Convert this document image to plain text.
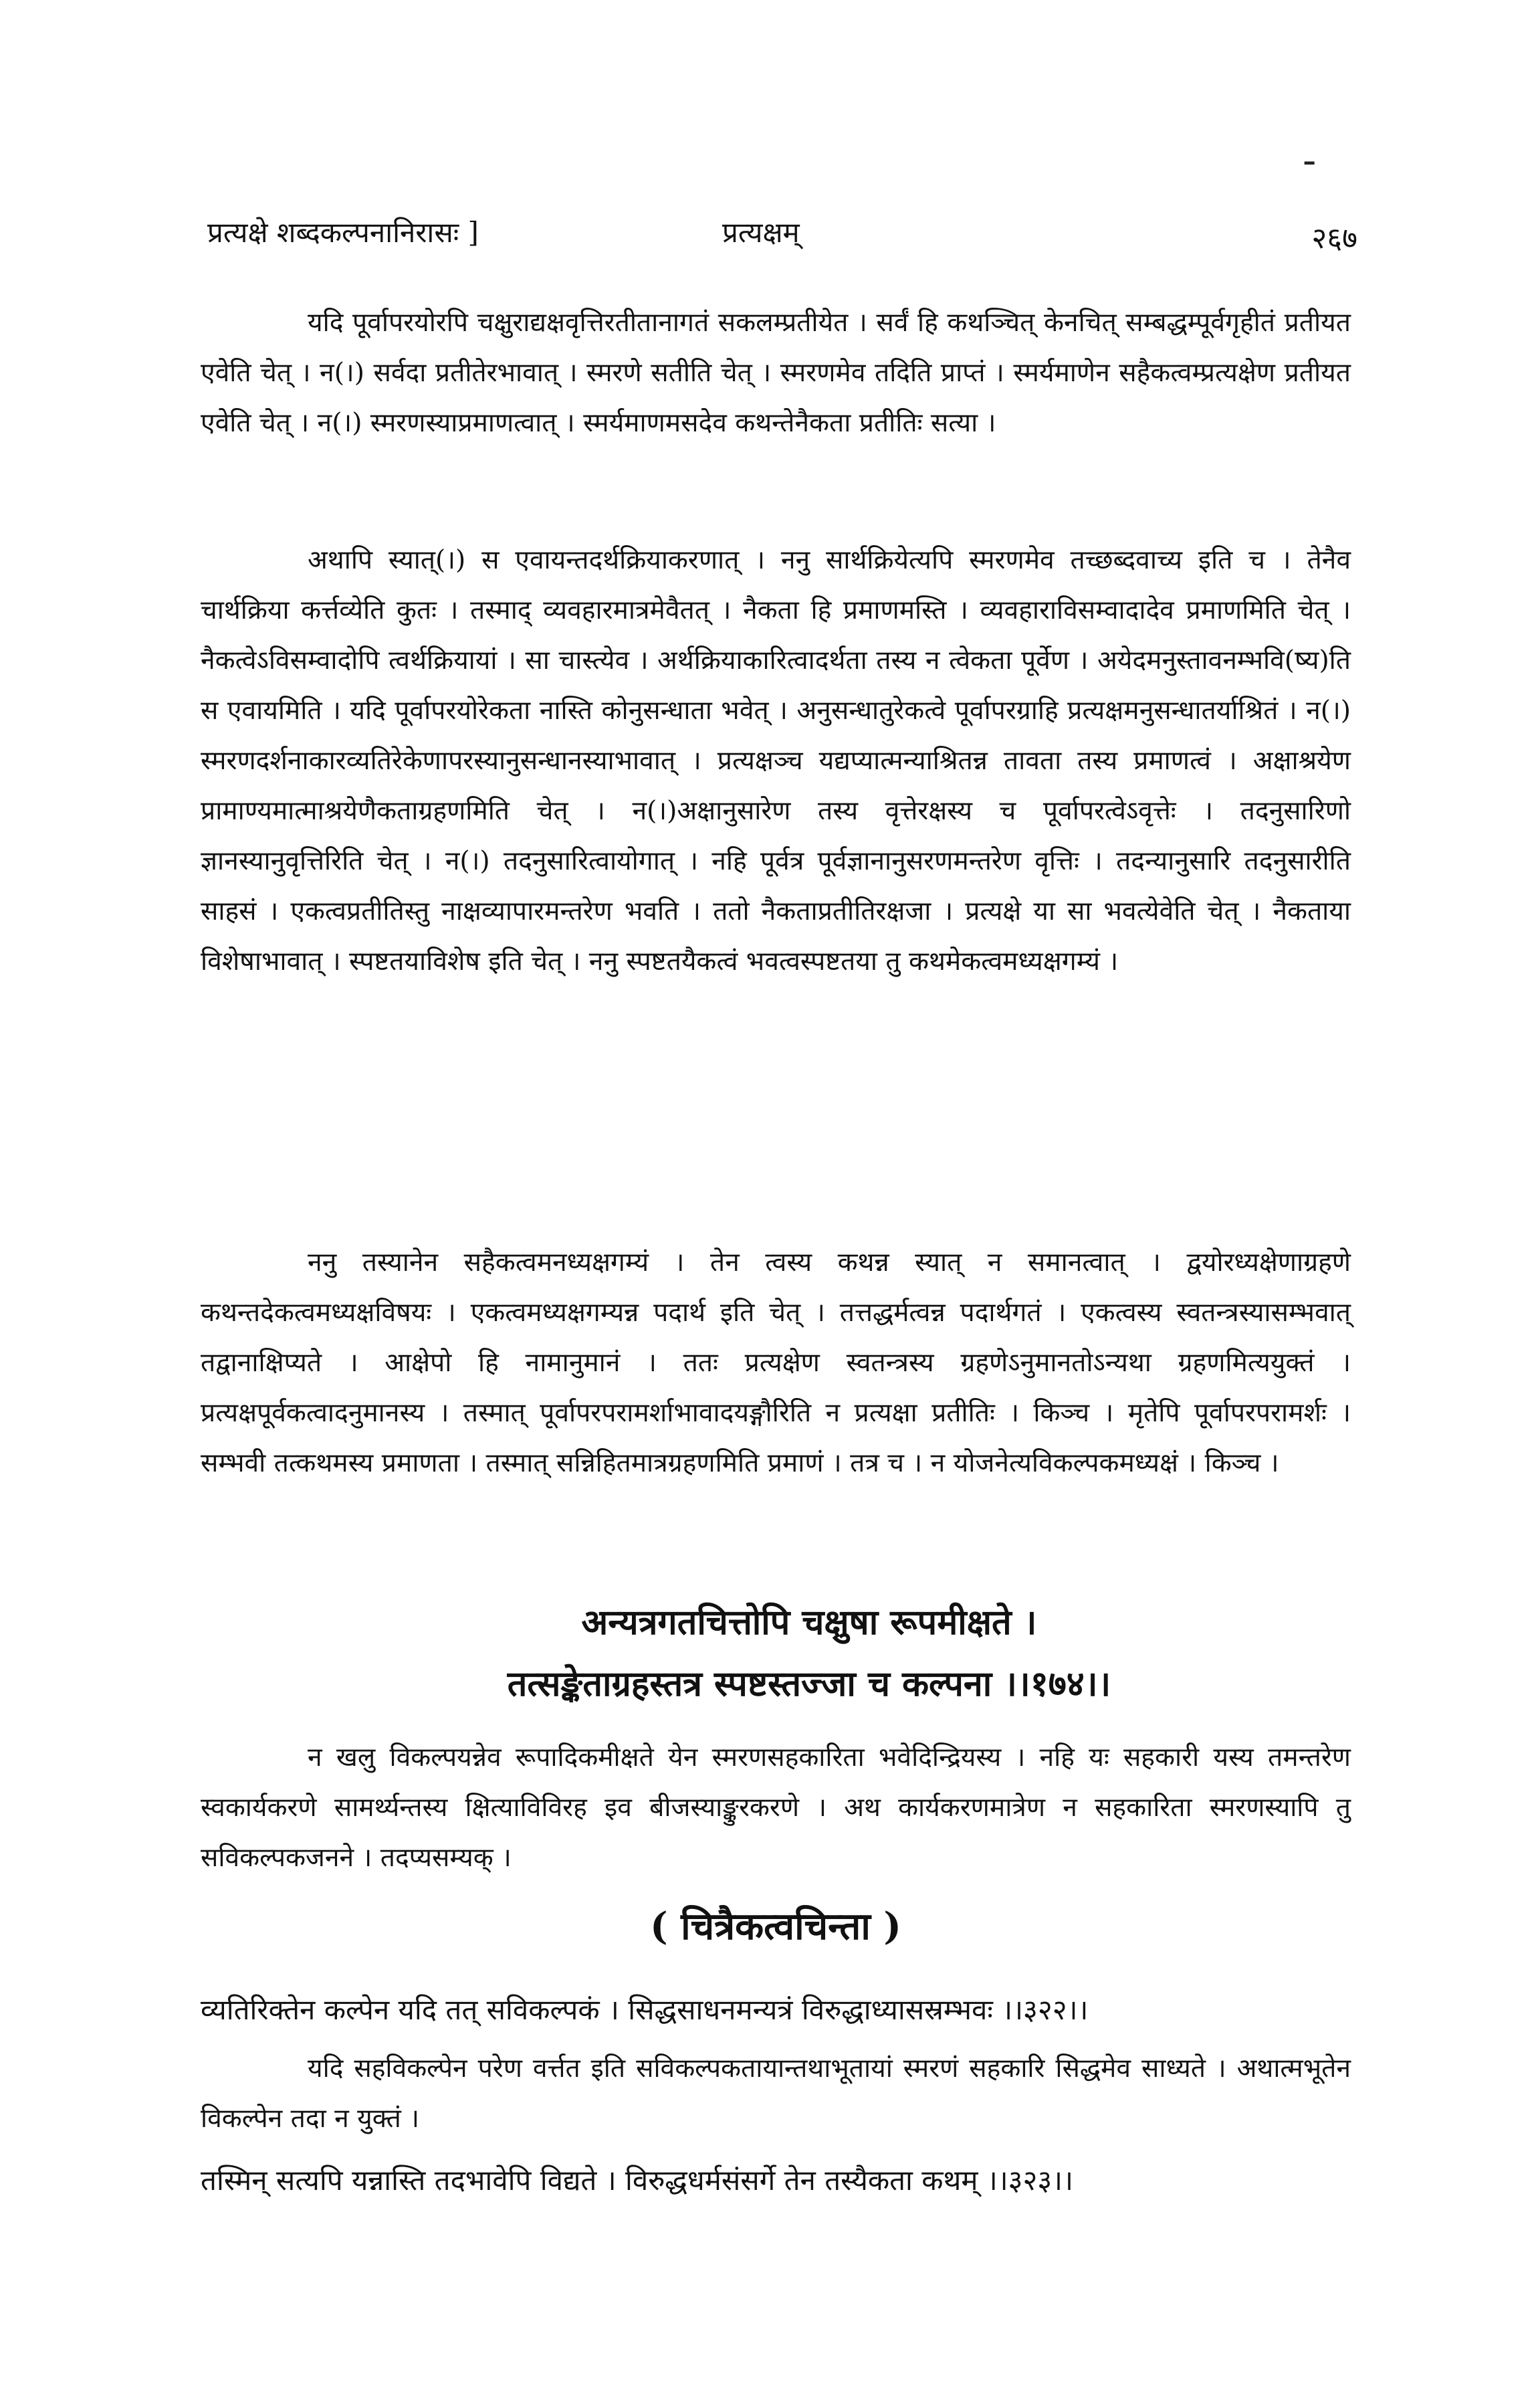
-
प्रत्यक्षे शब्दकल्पनानिरासः ]	प्रत्यक्षम्	२६७

यदि पूर्वापरयोरपि चक्षुराद्यक्षवृत्तिरतीतानागतं सकलम्प्रतीयेत । सर्वं हि कथञ्चित् केनचित् सम्बद्धम्पूर्वगृहीतं प्रतीयत एवेति चेत् । न(।) सर्वदा प्रतीतेरभावात् । स्मरणे सतीति चेत् । स्मरणमेव तदिति प्राप्तं । स्मर्यमाणेन सहैकत्वम्प्रत्यक्षेण प्रतीयत एवेति चेत् । न(।) स्मरणस्याप्रमाणत्वात् । स्मर्यमाणमसदेव कथन्तेनैकता प्रतीतिः सत्या ।

अथापि स्यात्(।) स एवायन्तदर्थक्रियाकरणात् । ननु सार्थक्रियेत्यपि स्मरणमेव तच्छब्दवाच्य इति च । तेनैव चार्थक्रिया कर्त्तव्येति कुतः । तस्माद् व्यवहारमात्रमेवैतत् । नैकता हि प्रमाणमस्ति । व्यवहाराविसम्वादादेव प्रमाणमिति चेत् । नैकत्वेऽविसम्वादोपि त्वर्थक्रियायां । सा चास्त्येव । अर्थक्रियाकारित्वादर्थता तस्य न त्वेकता पूर्वेण । अयेदमनुस्तावनम्भवि(ष्य)ति स एवायमिति । यदि पूर्वापरयोरेकता नास्ति कोनुसन्धाता भवेत् । अनुसन्धातुरेकत्वे पूर्वापरग्राहि प्रत्यक्षमनुसन्धातर्याश्रितं । न(।) स्मरणदर्शनाकारव्यतिरेकेणापरस्यानुसन्धानस्याभावात् । प्रत्यक्षञ्च यद्यप्यात्मन्याश्रितन्न तावता तस्य प्रमाणत्वं । अक्षाश्रयेण प्रामाण्यमात्माश्रयेणैकताग्रहणमिति चेत् । न(।)अक्षानुसारेण तस्य वृत्तेरक्षस्य च पूर्वापरत्वेऽवृत्तेः । तदनुसारिणो ज्ञानस्यानुवृत्तिरिति चेत् । न(।) तदनुसारित्वायोगात् । नहि पूर्वत्र पूर्वज्ञानानुसरणमन्तरेण वृत्तिः । तदन्यानुसारि तदनुसारीति साहसं । एकत्वप्रतीतिस्तु नाक्षव्यापारमन्तरेण भवति । ततो नैकताप्रतीतिरक्षजा । प्रत्यक्षे या सा भवत्येवेति चेत् । नैकताया विशेषाभावात् । स्पष्टतयाविशेष इति चेत् । ननु स्पष्टतयैकत्वं भवत्वस्पष्टतया तु कथमेकत्वमध्यक्षगम्यं ।

ननु तस्यानेन सहैकत्वमनध्यक्षगम्यं । तेन त्वस्य कथन्न स्यात् न समानत्वात् । द्वयोरध्यक्षेणाग्रहणे कथन्तदेकत्वमध्यक्षविषयः । एकत्वमध्यक्षगम्यन्न पदार्थ इति चेत् । तत्तद्धर्मत्वन्न पदार्थगतं । एकत्वस्य स्वतन्त्रस्यासम्भवात् तद्वानाक्षिप्यते । आक्षेपो हि नामानुमानं । ततः प्रत्यक्षेण स्वतन्त्रस्य ग्रहणेऽनुमानतोऽन्यथा ग्रहणमित्ययुक्तं । प्रत्यक्षपूर्वकत्वादनुमानस्य । तस्मात् पूर्वापरपरामर्शाभावादयङ्गौरिति न प्रत्यक्षा प्रतीतिः । किञ्च । मृतेपि पूर्वापरपरामर्शः । सम्भवी तत्कथमस्य प्रमाणता । तस्मात् सन्निहितमात्रग्रहणमिति प्रमाणं । तत्र च । न योजनेत्यविकल्पकमध्यक्षं । किञ्च ।

अन्यत्रगतचित्तोपि चक्षुषा रूपमीक्षते ।
तत्सङ्केताग्रहस्तत्र स्पष्टस्तज्जा च कल्पना ।।१७४।।

न खलु विकल्पयन्नेव रूपादिकमीक्षते येन स्मरणसहकारिता भवेदिन्द्रियस्य । नहि यः सहकारी यस्य तमन्तरेण स्वकार्यकरणे सामर्थ्यन्तस्य क्षित्याविविरह इव बीजस्याङ्कुरकरणे । अथ कार्यकरणमात्रेण न सहकारिता स्मरणस्यापि तु सविकल्पकजनने । तदप्यसम्यक् ।

( चित्रैकत्वचिन्ता )
व्यतिरिक्तेन कल्पेन यदि तत् सविकल्पकं । सिद्धसाधनमन्यत्रं विरुद्धाध्यासस्रम्भवः ।।३२२।।

यदि सहविकल्पेन परेण वर्त्तत इति सविकल्पकतायान्तथाभूतायां स्मरणं सहकारि सिद्धमेव साध्यते । अथात्मभूतेन विकल्पेन तदा न युक्तं ।

तस्मिन् सत्यपि यन्नास्ति तदभावेपि विद्यते । विरुद्धधर्मसंसर्गे तेन तस्यैकता कथम् ।।३२३।।
